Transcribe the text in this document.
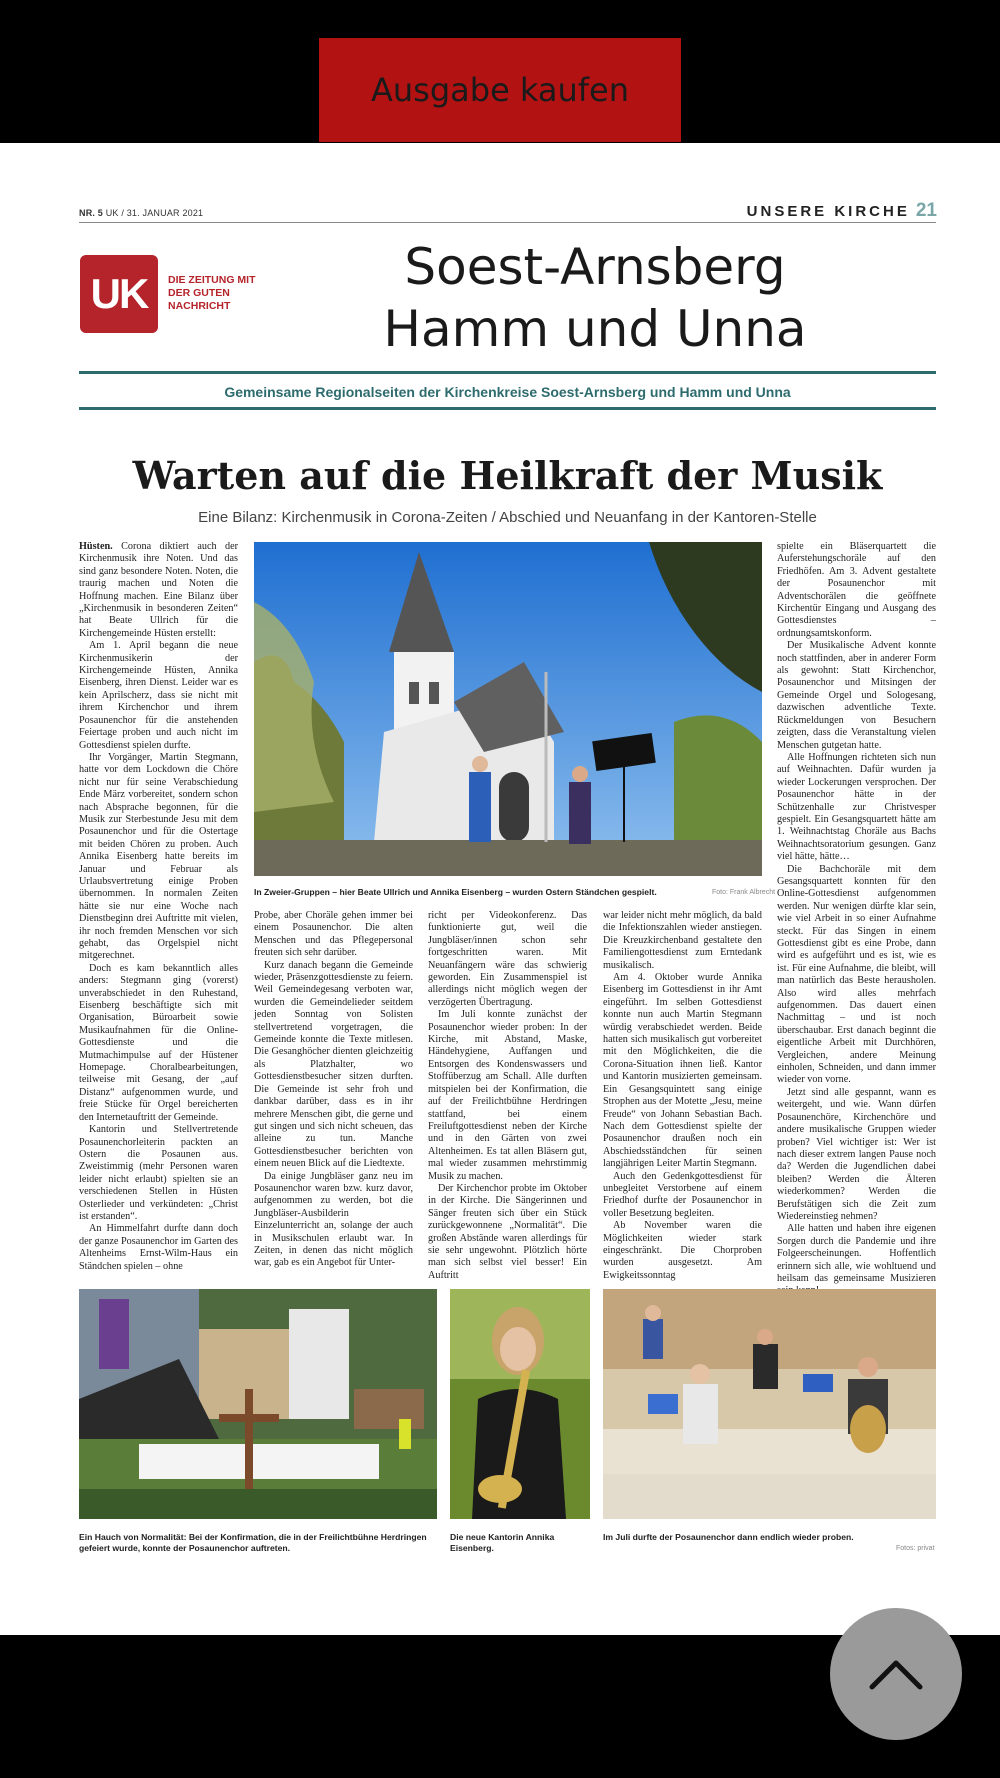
Ausgabe kaufen
NR. 5 UK / 31. JANUAR 2021	UNSERE KIRCHE 21
UK	DIE ZEITUNG MIT DER GUTEN NACHRICHT
Soest-Arnsberg
Hamm und Unna
Gemeinsame Regionalseiten der Kirchenkreise Soest-Arnsberg und Hamm und Unna
Warten auf die Heilkraft der Musik
Eine Bilanz: Kirchenmusik in Corona-Zeiten / Abschied und Neuanfang in der Kantoren-Stelle

Hüsten. Corona diktiert auch der Kirchenmusik ihre Noten. Und das sind ganz besondere Noten. Noten, die traurig machen und Noten die Hoffnung machen. Eine Bilanz über „Kirchenmusik in besonderen Zeiten“ hat Beate Ullrich für die Kirchengemeinde Hüsten erstellt:

Am 1. April begann die neue Kirchenmusikerin der Kirchengemeinde Hüsten, Annika Eisenberg, ihren Dienst. Leider war es kein Aprilscherz, dass sie nicht mit ihrem Kirchenchor und ihrem Posaunenchor für die anstehenden Feiertage proben und auch nicht im Gottesdienst spielen durfte.

Ihr Vorgänger, Martin Stegmann, hatte vor dem Lockdown die Chöre nicht nur für seine Verabschiedung Ende März vorbereitet, sondern schon nach Absprache begonnen, für die Musik zur Sterbestunde Jesu mit dem Posaunenchor und für die Ostertage mit beiden Chören zu proben. Auch Annika Eisenberg hatte bereits im Januar und Februar als Urlaubsvertretung einige Proben übernommen. In normalen Zeiten hätte sie nur eine Woche nach Dienstbeginn drei Auftritte mit vielen, ihr noch fremden Menschen vor sich gehabt, das Orgelspiel nicht mitgerechnet.

Doch es kam bekanntlich alles anders: Stegmann ging (vorerst) unverabschiedet in den Ruhestand, Eisenberg beschäftigte sich mit Organisation, Büroarbeit sowie Musikaufnahmen für die Online-Gottesdienste und die Mutmachimpulse auf der Hüstener Homepage. Choralbearbeitungen, teilweise mit Gesang, der „auf Distanz“ aufgenommen wurde, und freie Stücke für Orgel bereicherten den Internetauftritt der Gemeinde.

Kantorin und Stellvertretende Posaunenchorleiterin packten an Ostern die Posaunen aus. Zweistimmig (mehr Personen waren leider nicht erlaubt) spielten sie an verschiedenen Stellen in Hüsten Osterlieder und verkündeten: „Christ ist erstanden“.

An Himmelfahrt durfte dann doch der ganze Posaunenchor im Garten des Altenheims Ernst-Wilm-Haus ein Ständchen spielen – ohne

In Zweier-Gruppen – hier Beate Ullrich und Annika Eisenberg – wurden Ostern Ständchen gespielt.	Foto: Frank Albrecht

Probe, aber Choräle gehen immer bei einem Posaunenchor. Die alten Menschen und das Pflegepersonal freuten sich sehr darüber.

Kurz danach begann die Gemeinde wieder, Präsenzgottesdienste zu feiern. Weil Gemeindegesang verboten war, wurden die Gemeindelieder seitdem jeden Sonntag von Solisten stellvertretend vorgetragen, die Gemeinde konnte die Texte mitlesen. Die Gesanghöcher dienten gleichzeitig als Platzhalter, wo Gottesdienstbesucher sitzen durften. Die Gemeinde ist sehr froh und dankbar darüber, dass es in ihr mehrere Menschen gibt, die gerne und gut singen und sich nicht scheuen, das alleine zu tun. Manche Gottesdienstbesucher berichten von einem neuen Blick auf die Liedtexte.

Da einige Jungbläser ganz neu im Posaunenchor waren bzw. kurz davor, aufgenommen zu werden, bot die Jungbläser-Ausbilderin Einzelunterricht an, solange der auch in Musikschulen erlaubt war. In Zeiten, in denen das nicht möglich war, gab es ein Angebot für Unter-

richt per Videokonferenz. Das funktionierte gut, weil die Jungbläser/innen schon sehr fortgeschritten waren. Mit Neuanfängern wäre das schwierig geworden. Ein Zusammenspiel ist allerdings nicht möglich wegen der verzögerten Übertragung.

Im Juli konnte zunächst der Posaunenchor wieder proben: In der Kirche, mit Abstand, Maske, Händehygiene, Auffangen und Entsorgen des Kondenswassers und Stoffüberzug am Schall. Alle durften mitspielen bei der Konfirmation, die auf der Freilichtbühne Herdringen stattfand, bei einem Freiluftgottesdienst neben der Kirche und in den Gärten von zwei Altenheimen. Es tat allen Bläsern gut, mal wieder zusammen mehrstimmig Musik zu machen.

Der Kirchenchor probte im Oktober in der Kirche. Die Sängerinnen und Sänger freuten sich über ein Stück zurückgewonnene „Normalität“. Die großen Abstände waren allerdings für sie sehr ungewohnt. Plötzlich hörte man sich selbst viel besser! Ein Auftritt

war leider nicht mehr möglich, da bald die Infektionszahlen wieder anstiegen. Die Kreuzkirchenband gestaltete den Familiengottesdienst zum Erntedank musikalisch.

Am 4. Oktober wurde Annika Eisenberg im Gottesdienst in ihr Amt eingeführt. Im selben Gottesdienst konnte nun auch Martin Stegmann würdig verabschiedet werden. Beide hatten sich musikalisch gut vorbereitet mit den Möglichkeiten, die die Corona-Situation ihnen ließ. Kantor und Kantorin musizierten gemeinsam. Ein Gesangsquintett sang einige Strophen aus der Motette „Jesu, meine Freude“ von Johann Sebastian Bach. Nach dem Gottesdienst spielte der Posaunenchor draußen noch ein Abschiedsständchen für seinen langjährigen Leiter Martin Stegmann.

Auch den Gedenkgottesdienst für unbegleitet Verstorbene auf einem Friedhof durfte der Posaunenchor in voller Besetzung begleiten.

Ab November waren die Möglichkeiten wieder stark eingeschränkt. Die Chorproben wurden ausgesetzt. Am Ewigkeitssonntag

spielte ein Bläserquartett die Auferstehungschoräle auf den Friedhöfen. Am 3. Advent gestaltete der Posaunenchor mit Adventschorälen die geöffnete Kirchentür Eingang und Ausgang des Gottesdienstes – ordnungsamtskonform.

Der Musikalische Advent konnte noch stattfinden, aber in anderer Form als gewohnt: Statt Kirchenchor, Posaunenchor und Mitsingen der Gemeinde Orgel und Sologesang, dazwischen adventliche Texte. Rückmeldungen von Besuchern zeigten, dass die Veranstaltung vielen Menschen gutgetan hatte.

Alle Hoffnungen richteten sich nun auf Weihnachten. Dafür wurden ja wieder Lockerungen versprochen. Der Posaunenchor hätte in der Schützenhalle zur Christvesper gespielt. Ein Gesangsquartett hätte am 1. Weihnachtstag Choräle aus Bachs Weihnachtsoratorium gesungen. Ganz viel hätte, hätte…

Die Bachchoräle mit dem Gesangsquartett konnten für den Online-Gottesdienst aufgenommen werden. Nur wenigen dürfte klar sein, wie viel Arbeit in so einer Aufnahme steckt. Für das Singen in einem Gottesdienst gibt es eine Probe, dann wird es aufgeführt und es ist, wie es ist. Für eine Aufnahme, die bleibt, will man natürlich das Beste herausholen. Also wird alles mehrfach aufgenommen. Das dauert einen Nachmittag – und ist noch überschaubar. Erst danach beginnt die eigentliche Arbeit mit Durchhören, Vergleichen, andere Meinung einholen, Schneiden, und dann immer wieder von vorne.

Jetzt sind alle gespannt, wann es weitergeht, und wie. Wann dürfen Posaunenchöre, Kirchenchöre und andere musikalische Gruppen wieder proben? Viel wichtiger ist: Wer ist nach dieser extrem langen Pause noch da? Werden die Jugendlichen dabei bleiben? Werden die Älteren wiederkommen? Werden die Berufstätigen sich die Zeit zum Wiedereinstieg nehmen?

Alle hatten und haben ihre eigenen Sorgen durch die Pandemie und ihre Folgeerscheinungen. Hoffentlich erinnern sich alle, wie wohltuend und heilsam das gemeinsame Musizieren

Ein Hauch von Normalität: Bei der Konfirmation, die in der Freilichtbühne Herdringen gefeiert wurde, konnte der Posaunenchor auftreten.
Die neue Kantorin Annika Eisenberg.
Im Juli durfte der Posaunenchor dann endlich wieder proben.
Fotos: privat
